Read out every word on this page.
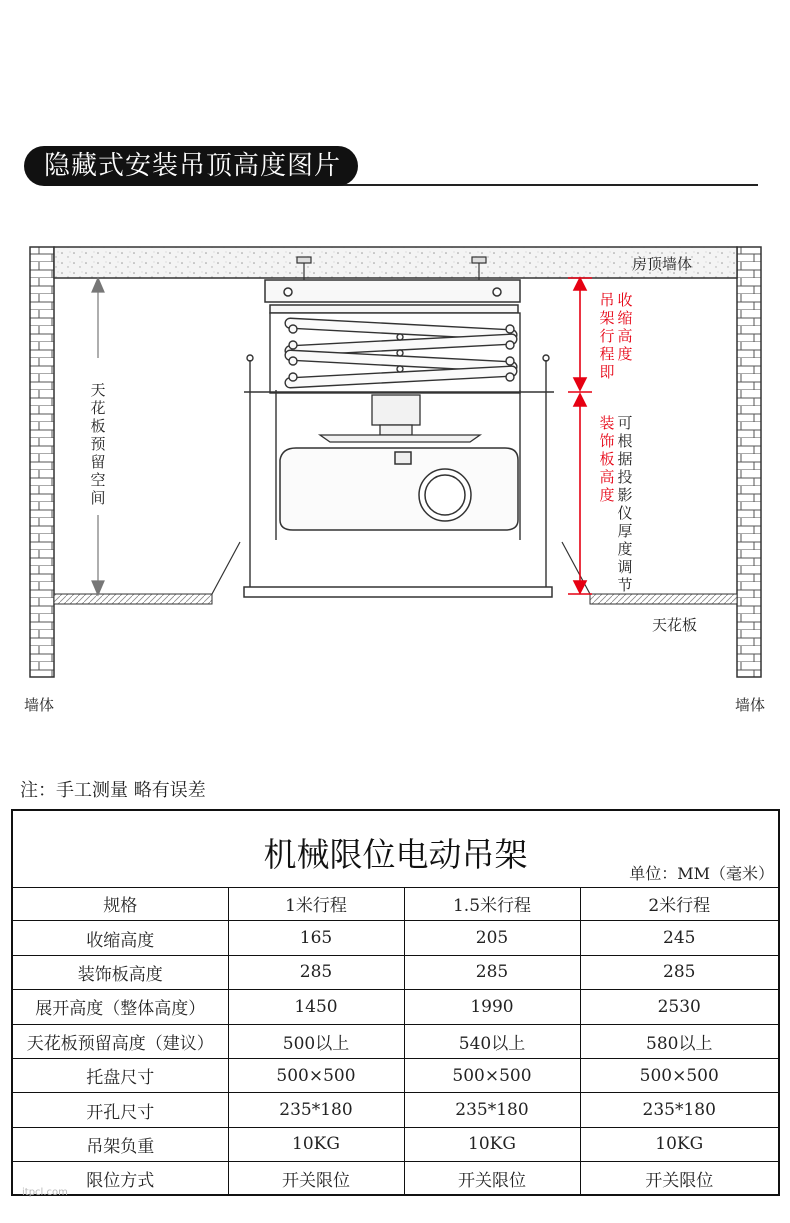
隐藏式安装吊顶高度图片
房顶墙体
天花板
吊架行程即
收缩高度
装饰板高度
可根据投影仪厚度调节
天花板预留空间
墙体	墙体
注：手工测量 略有误差
机械限位电动吊架	单位：MM（毫米）
规格	1米行程	1.5米行程	2米行程
收缩高度	165	205	245
装饰板高度	285	285	285
展开高度（整体高度）	1450	1990	2530
天花板预留高度（建议）	500以上	540以上	580以上
托盘尺寸	500×500	500×500	500×500
开孔尺寸	235*180	235*180	235*180
吊架负重	10KG	10KG	10KG
限位方式	开关限位	开关限位	开关限位
itpcl.com
